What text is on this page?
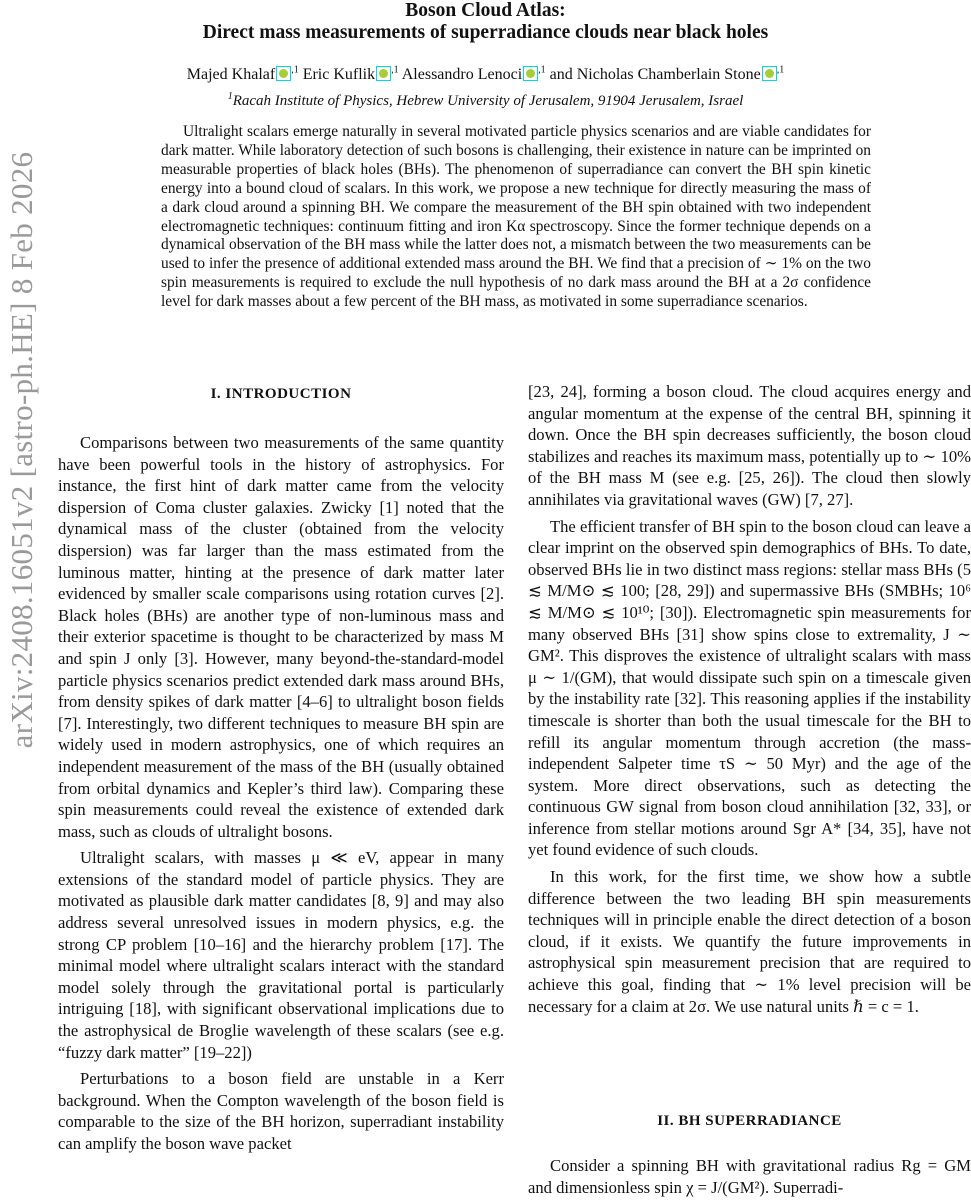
arXiv:2408.16051v2 [astro-ph.HE] 8 Feb 2026
Boson Cloud Atlas:
Direct mass measurements of superradiance clouds near black holes
Majed Khalaf $^{,1}$ Eric Kuflik $^{,1}$ Alessandro Lenoci $^{,1}$ and Nicholas Chamberlain Stone $^{,1}$
$^1$Racah Institute of Physics, Hebrew University of Jerusalem, 91904 Jerusalem, Israel

Ultralight scalars emerge naturally in several motivated particle physics scenarios and are viable candidates for dark matter. While laboratory detection of such bosons is challenging, their existence in nature can be imprinted on measurable properties of black holes (BHs). The phenomenon of superradiance can convert the BH spin kinetic energy into a bound cloud of scalars. In this work, we propose a new technique for directly measuring the mass of a dark cloud around a spinning BH. We compare the measurement of the BH spin obtained with two independent electromagnetic techniques: continuum fitting and iron Kα spectroscopy. Since the former technique depends on a dynamical observation of the BH mass while the latter does not, a mismatch between the two measurements can be used to infer the presence of additional extended mass around the BH. We find that a precision of ∼ 1% on the two spin measurements is required to exclude the null hypothesis of no dark mass around the BH at a 2σ confidence level for dark masses about a few percent of the BH mass, as motivated in some superradiance scenarios.

I. INTRODUCTION

Comparisons between two measurements of the same quantity have been powerful tools in the history of astrophysics. For instance, the first hint of dark matter came from the velocity dispersion of Coma cluster galaxies. Zwicky [1] noted that the dynamical mass of the cluster (obtained from the velocity dispersion) was far larger than the mass estimated from the luminous matter, hinting at the presence of dark matter later evidenced by smaller scale comparisons using rotation curves [2]. Black holes (BHs) are another type of non-luminous mass and their exterior spacetime is thought to be characterized by mass M and spin J only [3]. However, many beyond-the-standard-model particle physics scenarios predict extended dark mass around BHs, from density spikes of dark matter [4–6] to ultralight boson fields [7]. Interestingly, two different techniques to measure BH spin are widely used in modern astrophysics, one of which requires an independent measurement of the mass of the BH (usually obtained from orbital dynamics and Kepler’s third law). Comparing these spin measurements could reveal the existence of extended dark mass, such as clouds of ultralight bosons.

Ultralight scalars, with masses μ ≪ eV, appear in many extensions of the standard model of particle physics. They are motivated as plausible dark matter candidates [8, 9] and may also address several unresolved issues in modern physics, e.g. the strong CP problem [10–16] and the hierarchy problem [17]. The minimal model where ultralight scalars interact with the standard model solely through the gravitational portal is particularly intriguing [18], with significant observational implications due to the astrophysical de Broglie wavelength of these scalars (see e.g. “fuzzy dark matter” [19–22])

Perturbations to a boson field are unstable in a Kerr background. When the Compton wavelength of the boson field is comparable to the size of the BH horizon, superradiant instability can amplify the boson wave packet

[23, 24], forming a boson cloud. The cloud acquires energy and angular momentum at the expense of the central BH, spinning it down. Once the BH spin decreases sufficiently, the boson cloud stabilizes and reaches its maximum mass, potentially up to ∼ 10% of the BH mass M (see e.g. [25, 26]). The cloud then slowly annihilates via gravitational waves (GW) [7, 27].

The efficient transfer of BH spin to the boson cloud can leave a clear imprint on the observed spin demographics of BHs. To date, observed BHs lie in two distinct mass regions: stellar mass BHs (5 ≲ M/M⊙ ≲ 100; [28, 29]) and supermassive BHs (SMBHs; 10⁶ ≲ M/M⊙ ≲ 10¹⁰; [30]). Electromagnetic spin measurements for many observed BHs [31] show spins close to extremality, J ∼ GM². This disproves the existence of ultralight scalars with mass μ ∼ 1/(GM), that would dissipate such spin on a timescale given by the instability rate [32]. This reasoning applies if the instability timescale is shorter than both the usual timescale for the BH to refill its angular momentum through accretion (the mass-independent Salpeter time τS ∼ 50 Myr) and the age of the system. More direct observations, such as detecting the continuous GW signal from boson cloud annihilation [32, 33], or inference from stellar motions around Sgr A* [34, 35], have not yet found evidence of such clouds.

In this work, for the first time, we show how a subtle difference between the two leading BH spin measurements techniques will in principle enable the direct detection of a boson cloud, if it exists. We quantify the future improvements in astrophysical spin measurement precision that are required to achieve this goal, finding that ∼ 1% level precision will be necessary for a claim at 2σ. We use natural units ℏ = c = 1.

II. BH SUPERRADIANCE

Consider a spinning BH with gravitational radius Rg = GM and dimensionless spin χ = J/(GM²). Superradi-
